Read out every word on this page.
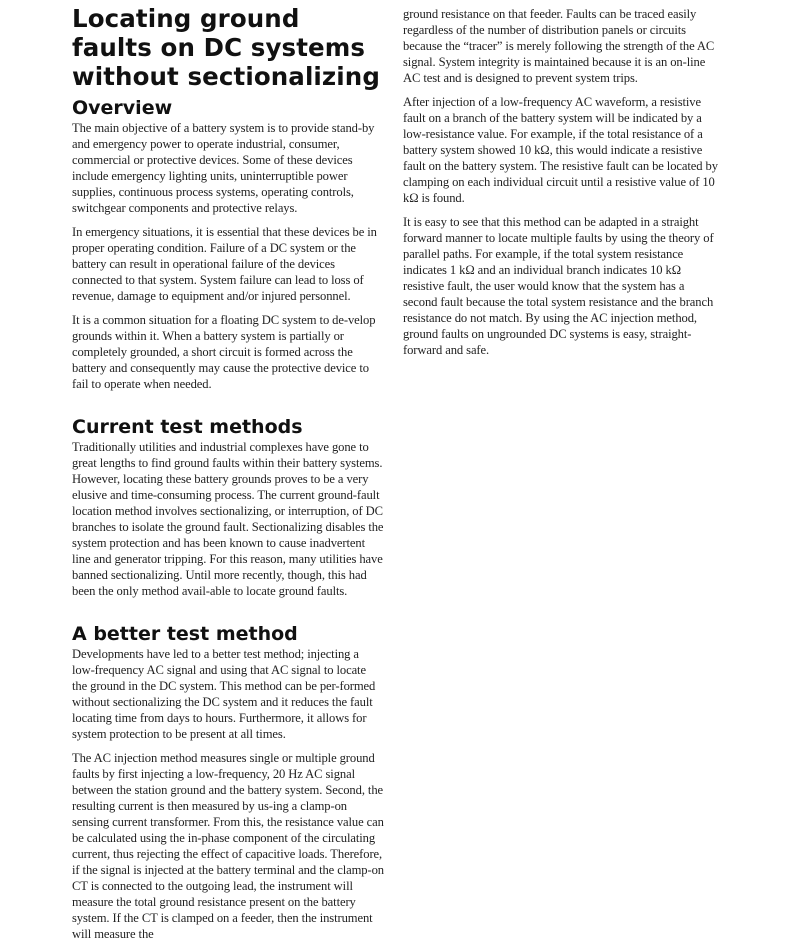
Locating ground faults on DC systems without sectionalizing
Overview

The main objective of a battery system is to provide stand-by and emergency power to operate industrial, consumer, commercial or protective devices. Some of these devices include emergency lighting units, uninterruptible power supplies, continuous process systems, operating controls, switchgear components and protective relays.

In emergency situations, it is essential that these devices be in proper operating condition. Failure of a DC system or the battery can result in operational failure of the devices connected to that system. System failure can lead to loss of revenue, damage to equipment and/or injured personnel.

It is a common situation for a floating DC system to de-velop grounds within it. When a battery system is partially or completely grounded, a short circuit is formed across the battery and consequently may cause the protective device to fail to operate when needed.

Current test methods

Traditionally utilities and industrial complexes have gone to great lengths to find ground faults within their battery systems. However, locating these battery grounds proves to be a very elusive and time-consuming process. The current ground-fault location method involves sectionalizing, or interruption, of DC branches to isolate the ground fault. Sectionalizing disables the system protection and has been known to cause inadvertent line and generator tripping. For this reason, many utilities have banned sectionalizing. Until more recently, though, this had been the only method avail-able to locate ground faults.

A better test method

Developments have led to a better test method; injecting a low-frequency AC signal and using that AC signal to locate the ground in the DC system. This method can be per-formed without sectionalizing the DC system and it reduces the fault locating time from days to hours. Furthermore, it allows for system protection to be present at all times.

The AC injection method measures single or multiple ground faults by first injecting a low-frequency, 20 Hz AC signal between the station ground and the battery system. Second, the resulting current is then measured by us-ing a clamp-on sensing current transformer. From this, the resistance value can be calculated using the in-phase component of the circulating current, thus rejecting the effect of capacitive loads. Therefore, if the signal is injected at the battery terminal and the clamp-on CT is connected to the outgoing lead, the instrument will measure the total ground resistance present on the battery system. If the CT is clamped on a feeder, then the instrument will measure the

ground resistance on that feeder. Faults can be traced easily regardless of the number of distribution panels or circuits because the “tracer” is merely following the strength of the AC signal. System integrity is maintained because it is an on-line AC test and is designed to prevent system trips.

After injection of a low-frequency AC waveform, a resistive fault on a branch of the battery system will be indicated by a low-resistance value. For example, if the total resistance of a battery system showed 10 kΩ, this would indicate a resistive fault on the battery system. The resistive fault can be located by clamping on each individual circuit until a resistive value of 10 kΩ is found.

It is easy to see that this method can be adapted in a straight forward manner to locate multiple faults by using the theory of parallel paths. For example, if the total system resistance indicates 1 kΩ and an individual branch indicates 10 kΩ resistive fault, the user would know that the system has a second fault because the total system resistance and the branch resistance do not match. By using the AC injection method, ground faults on ungrounded DC systems is easy, straight-forward and safe.
